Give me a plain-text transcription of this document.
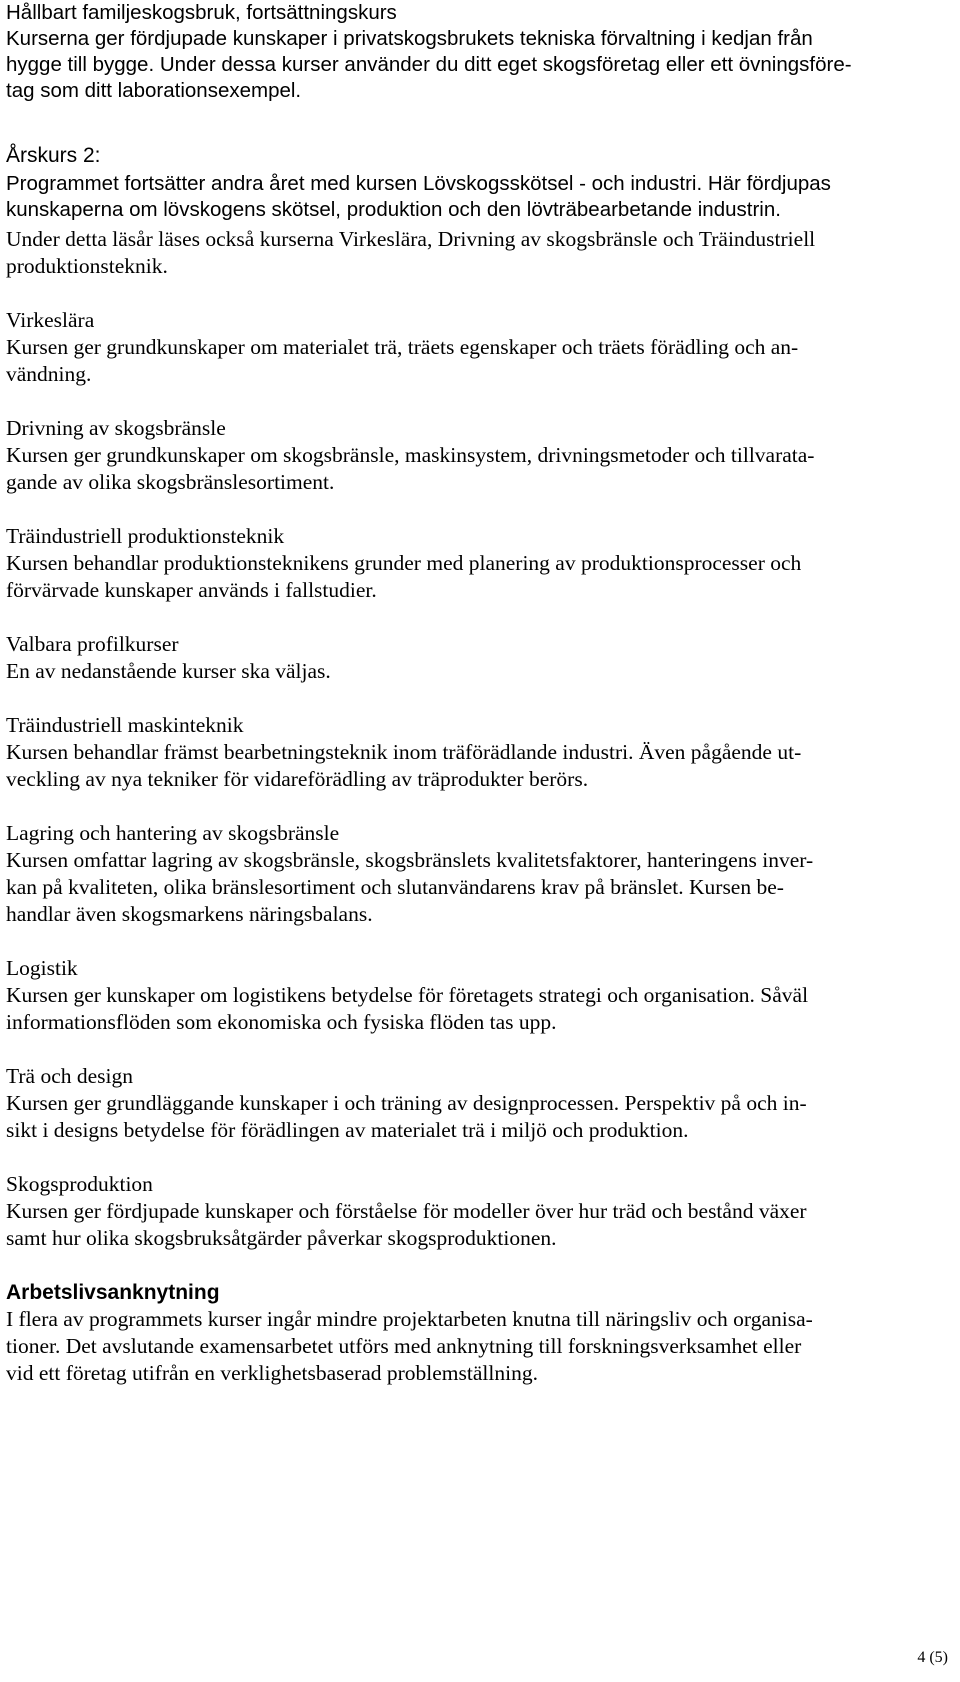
Hållbart familjeskogsbruk, fortsättningskurs
Kurserna ger fördjupade kunskaper i privatskogsbrukets tekniska förvaltning i kedjan från
hygge till bygge. Under dessa kurser använder du ditt eget skogsföretag eller ett övningsföre-
tag som ditt laborationsexempel.
Årskurs 2:
Programmet fortsätter andra året med kursen Lövskogsskötsel - och industri. Här fördjupas
kunskaperna om lövskogens skötsel, produktion och den lövträbearbetande industrin.
Under detta läsår läses också kurserna Virkeslära, Drivning av skogsbränsle och Träindustriell
produktionsteknik.
Virkeslära
Kursen ger grundkunskaper om materialet trä, träets egenskaper och träets förädling och an-
vändning.
Drivning av skogsbränsle
Kursen ger grundkunskaper om skogsbränsle, maskinsystem, drivningsmetoder och tillvarata-
gande av olika skogsbränslesortiment.
Träindustriell produktionsteknik
Kursen behandlar produktionsteknikens grunder med planering av produktionsprocesser och
förvärvade kunskaper används i fallstudier.
Valbara profilkurser
En av nedanstående kurser ska väljas.
Träindustriell maskinteknik
Kursen behandlar främst bearbetningsteknik inom träförädlande industri. Även pågående ut-
veckling av nya tekniker för vidareförädling av träprodukter berörs.
Lagring och hantering av skogsbränsle
Kursen omfattar lagring av skogsbränsle, skogsbränslets kvalitetsfaktorer, hanteringens inver-
kan på kvaliteten, olika bränslesortiment och slutanvändarens krav på bränslet. Kursen be-
handlar även skogsmarkens näringsbalans.
Logistik
Kursen ger kunskaper om logistikens betydelse för företagets strategi och organisation. Såväl
informationsflöden som ekonomiska och fysiska flöden tas upp.
Trä och design
Kursen ger grundläggande kunskaper i och träning av designprocessen. Perspektiv på och in-
sikt i designs betydelse för förädlingen av materialet trä i miljö och produktion.
Skogsproduktion
Kursen ger fördjupade kunskaper och förståelse för modeller över hur träd och bestånd växer
samt hur olika skogsbruksåtgärder påverkar skogsproduktionen.
Arbetslivsanknytning
I flera av programmets kurser ingår mindre projektarbeten knutna till näringsliv och organisa-
tioner. Det avslutande examensarbetet utförs med anknytning till forskningsverksamhet eller
vid ett företag utifrån en verklighetsbaserad problemställning.
4 (5)
